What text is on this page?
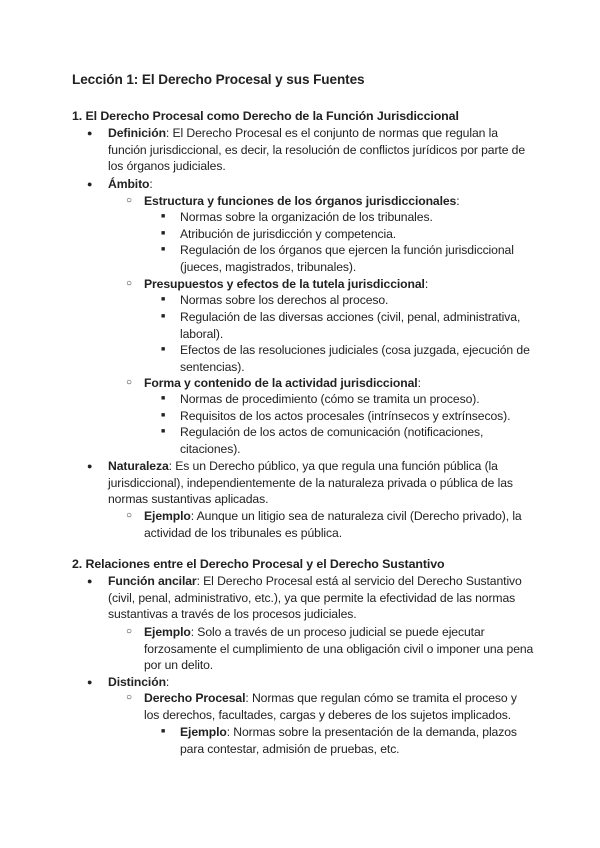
Lección 1: El Derecho Procesal y sus Fuentes
1. El Derecho Procesal como Derecho de la Función Jurisdiccional
● Definición: El Derecho Procesal es el conjunto de normas que regulan la función jurisdiccional, es decir, la resolución de conflictos jurídicos por parte de los órganos judiciales.
● Ámbito:
○ Estructura y funciones de los órganos jurisdiccionales:
■ Normas sobre la organización de los tribunales.
■ Atribución de jurisdicción y competencia.
■ Regulación de los órganos que ejercen la función jurisdiccional (jueces, magistrados, tribunales).
○ Presupuestos y efectos de la tutela jurisdiccional:
■ Normas sobre los derechos al proceso.
■ Regulación de las diversas acciones (civil, penal, administrativa, laboral).
■ Efectos de las resoluciones judiciales (cosa juzgada, ejecución de sentencias).
○ Forma y contenido de la actividad jurisdiccional:
■ Normas de procedimiento (cómo se tramita un proceso).
■ Requisitos de los actos procesales (intrínsecos y extrínsecos).
■ Regulación de los actos de comunicación (notificaciones, citaciones).
● Naturaleza: Es un Derecho público, ya que regula una función pública (la jurisdiccional), independientemente de la naturaleza privada o pública de las normas sustantivas aplicadas.
○ Ejemplo: Aunque un litigio sea de naturaleza civil (Derecho privado), la actividad de los tribunales es pública.
2. Relaciones entre el Derecho Procesal y el Derecho Sustantivo
● Función ancilar: El Derecho Procesal está al servicio del Derecho Sustantivo (civil, penal, administrativo, etc.), ya que permite la efectividad de las normas sustantivas a través de los procesos judiciales.
○ Ejemplo: Solo a través de un proceso judicial se puede ejecutar forzosamente el cumplimiento de una obligación civil o imponer una pena por un delito.
● Distinción:
○ Derecho Procesal: Normas que regulan cómo se tramita el proceso y los derechos, facultades, cargas y deberes de los sujetos implicados.
■ Ejemplo: Normas sobre la presentación de la demanda, plazos para contestar, admisión de pruebas, etc.
